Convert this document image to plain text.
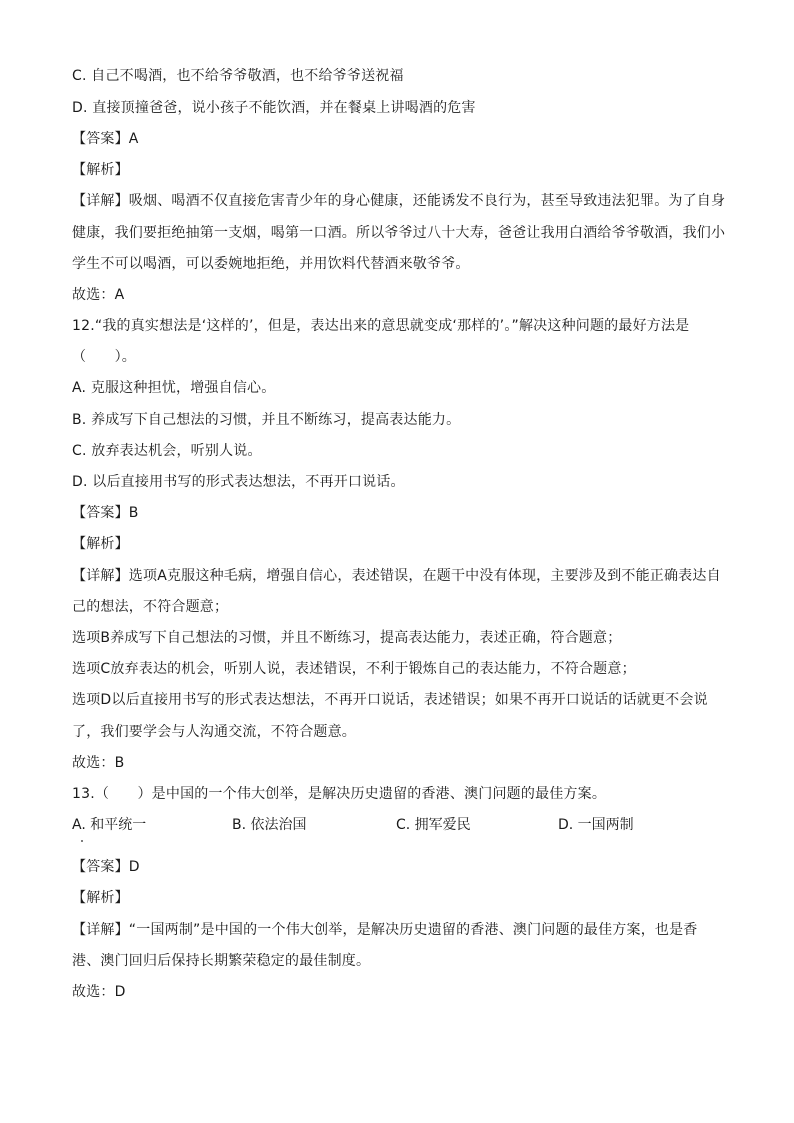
C. 自己不喝酒，也不给爷爷敬酒，也不给爷爷送祝福
D. 直接顶撞爸爸，说小孩子不能饮酒，并在餐桌上讲喝酒的危害
【答案】A
【解析】
【详解】吸烟、喝酒不仅直接危害青少年的身心健康，还能诱发不良行为，甚至导致违法犯罪。为了自身
健康，我们要拒绝抽第一支烟，喝第一口酒。所以爷爷过八十大寿，爸爸让我用白酒给爷爷敬酒，我们小
学生不可以喝酒，可以委婉地拒绝，并用饮料代替酒来敬爷爷。
故选：A
12.“我的真实想法是‘这样的’，但是，表达出来的意思就变成‘那样的’。”解决这种问题的最好方法是
（　　）。
A. 克服这种担忧，增强自信心。
B. 养成写下自己想法的习惯，并且不断练习，提高表达能力。
C. 放弃表达机会，听别人说。
D. 以后直接用书写的形式表达想法，不再开口说话。
【答案】B
【解析】
【详解】选项A克服这种毛病，增强自信心，表述错误，在题干中没有体现，主要涉及到不能正确表达自
己的想法，不符合题意；
选项B养成写下自己想法的习惯，并且不断练习，提高表达能力，表述正确，符合题意；
选项C放弃表达的机会，听别人说，表述错误，不利于锻炼自己的表达能力，不符合题意；
选项D以后直接用书写的形式表达想法，不再开口说话，表述错误；如果不再开口说话的话就更不会说
了，我们要学会与人沟通交流，不符合题意。
故选：B
13.（　　）是中国的一个伟大创举，是解决历史遗留的香港、澳门问题的最佳方案。
A. 和平统一	B. 依法治国	C. 拥军爱民	D. 一国两制
【答案】D
【解析】
【详解】“一国两制”是中国的一个伟大创举，是解决历史遗留的香港、澳门问题的最佳方案，也是香
港、澳门回归后保持长期繁荣稳定的最佳制度。
故选：D
